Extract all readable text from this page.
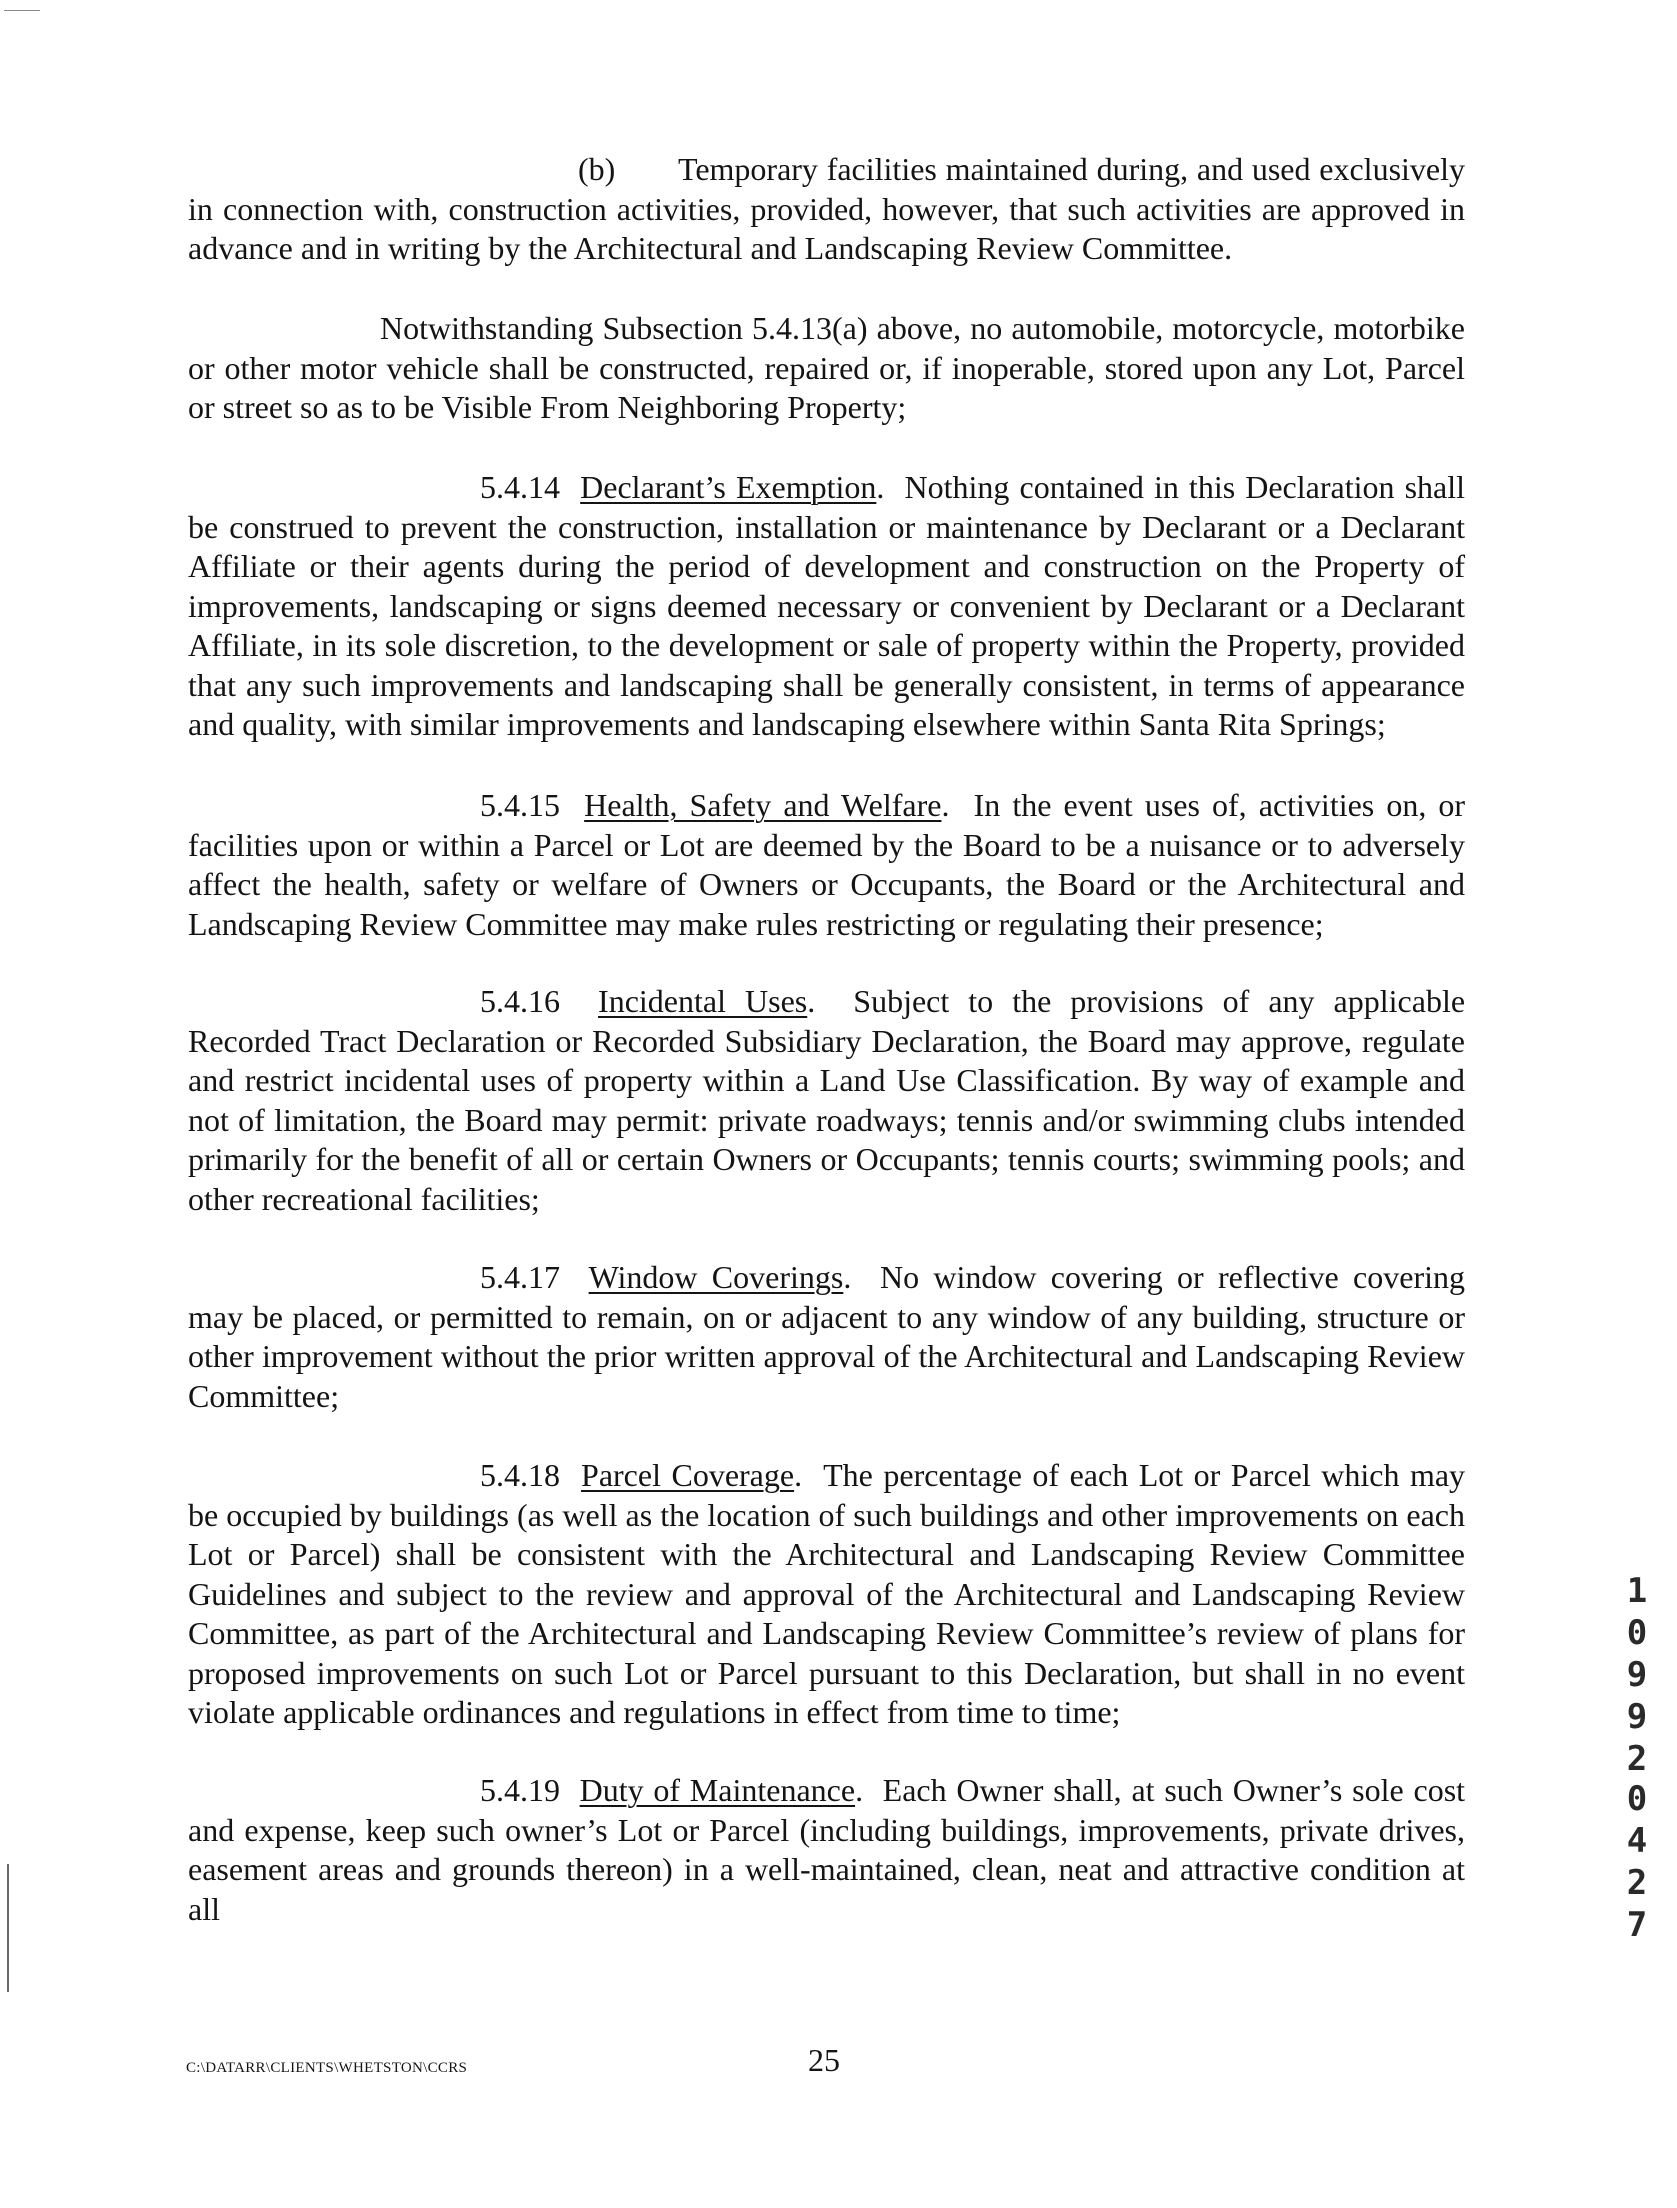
(b) Temporary facilities maintained during, and used exclusively in connection with, construction activities, provided, however, that such activities are approved in advance and in writing by the Architectural and Landscaping Review Committee.

Notwithstanding Subsection 5.4.13(a) above, no automobile, motorcycle, motorbike or other motor vehicle shall be constructed, repaired or, if inoperable, stored upon any Lot, Parcel or street so as to be Visible From Neighboring Property;

5.4.14 Declarant’s Exemption.  Nothing contained in this Declaration shall be construed to prevent the construction, installation or maintenance by Declarant or a Declarant Affiliate or their agents during the period of development and construction on the Property of improvements, landscaping or signs deemed necessary or convenient by Declarant or a Declarant Affiliate, in its sole discretion, to the development or sale of property within the Property, provided that any such improvements and landscaping shall be generally consistent, in terms of appearance and quality, with similar improvements and landscaping elsewhere within Santa Rita Springs;

5.4.15 Health, Safety and Welfare.  In the event uses of, activities on, or facilities upon or within a Parcel or Lot are deemed by the Board to be a nuisance or to adversely affect the health, safety or welfare of Owners or Occupants, the Board or the Architectural and Landscaping Review Committee may make rules restricting or regulating their presence;

5.4.16 Incidental Uses.  Subject to the provisions of any applicable Recorded Tract Declaration or Recorded Subsidiary Declaration, the Board may approve, regulate and restrict incidental uses of property within a Land Use Classification. By way of example and not of limitation, the Board may permit: private roadways; tennis and/or swimming clubs intended primarily for the benefit of all or certain Owners or Occupants; tennis courts; swimming pools; and other recreational facilities;

5.4.17 Window Coverings.  No window covering or reflective covering may be placed, or permitted to remain, on or adjacent to any window of any building, structure or other improvement without the prior written approval of the Architectural and Landscaping Review Committee;

5.4.18 Parcel Coverage.  The percentage of each Lot or Parcel which may be occupied by buildings (as well as the location of such buildings and other improvements on each Lot or Parcel) shall be consistent with the Architectural and Landscaping Review Committee Guidelines and subject to the review and approval of the Architectural and Landscaping Review Committee, as part of the Architectural and Landscaping Review Committee’s review of plans for proposed improvements on such Lot or Parcel pursuant to this Declaration, but shall in no event violate applicable ordinances and regulations in effect from time to time;

5.4.19 Duty of Maintenance.  Each Owner shall, at such Owner’s sole cost and expense, keep such owner’s Lot or Parcel (including buildings, improvements, private drives, easement areas and grounds thereon) in a well-maintained, clean, neat and attractive condition at all

C:\DATARR\CLIENTS\WHETSTON\CCRS	25
1
0
9
9
2
0
4
2
7
